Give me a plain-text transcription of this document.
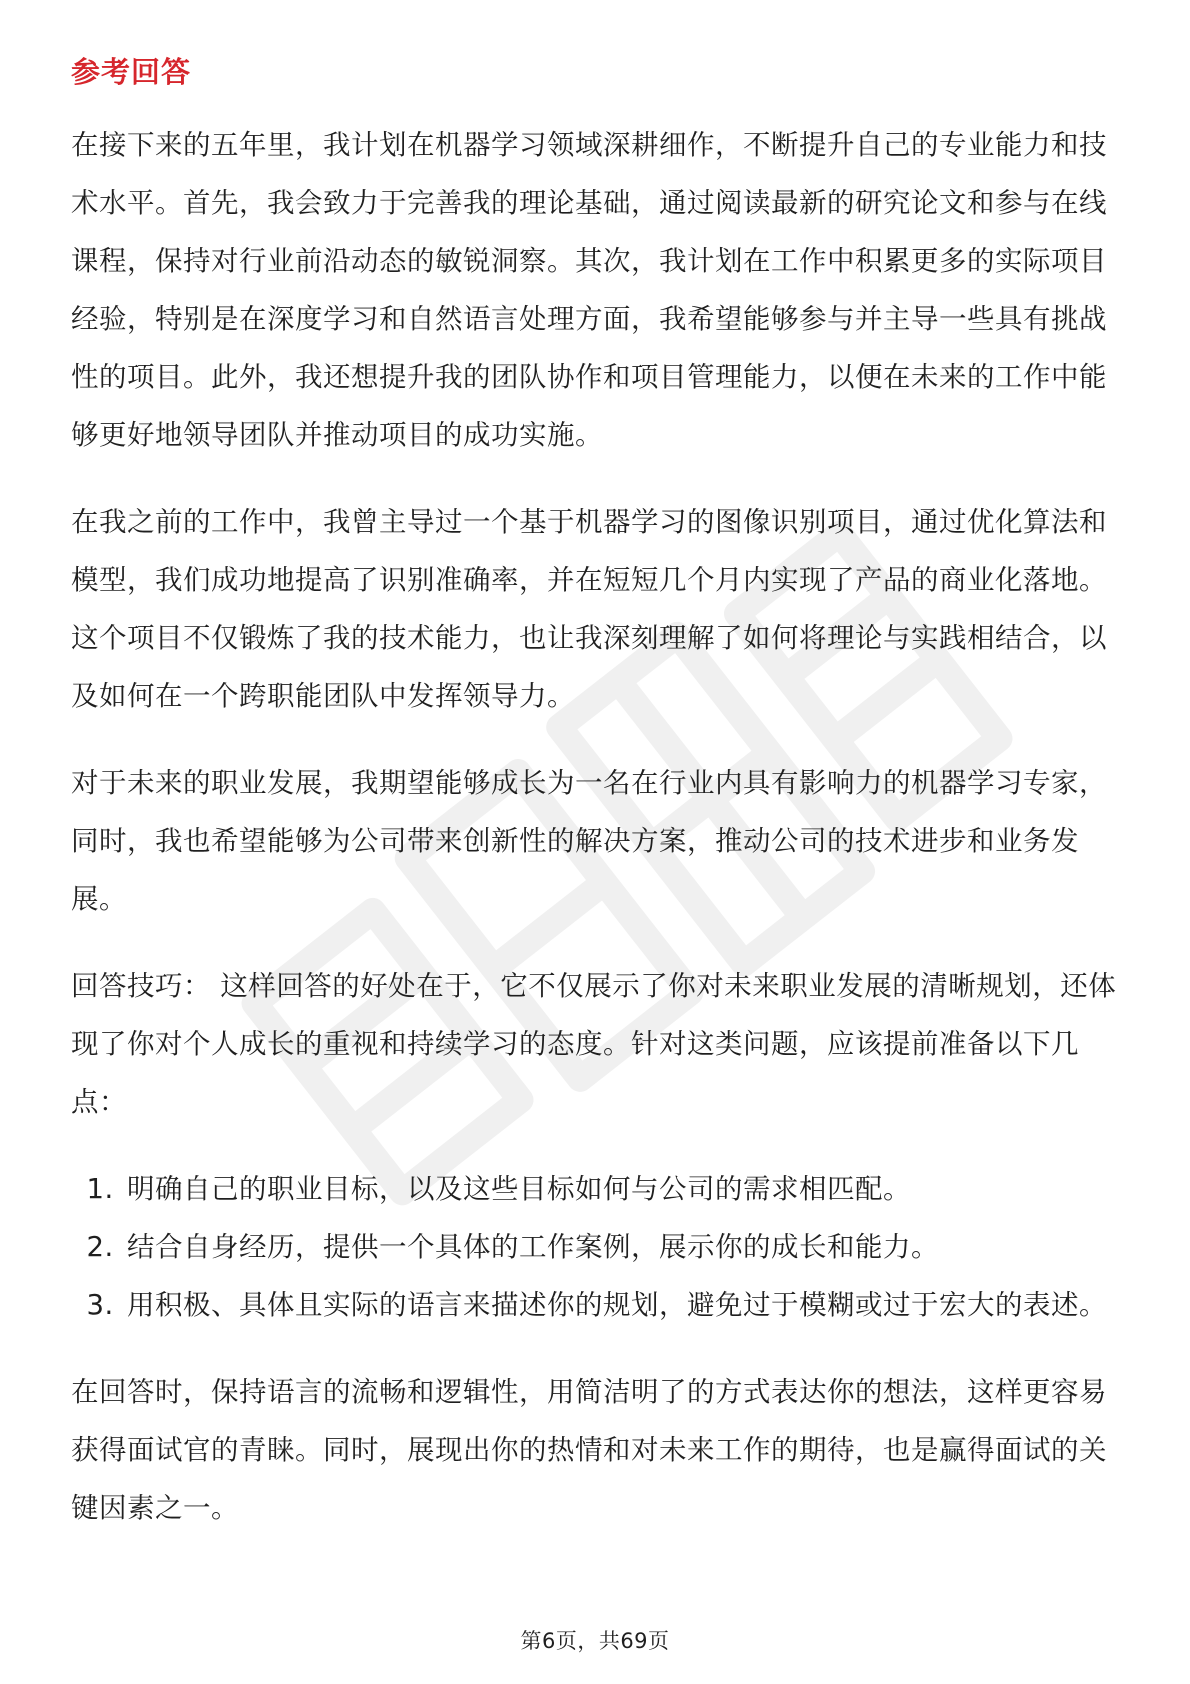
参考回答

在接下来的五年里，我计划在机器学习领域深耕细作，不断提升自己的专业能力和技术水平。首先，我会致力于完善我的理论基础，通过阅读最新的研究论文和参与在线课程，保持对行业前沿动态的敏锐洞察。其次，我计划在工作中积累更多的实际项目经验，特别是在深度学习和自然语言处理方面，我希望能够参与并主导一些具有挑战性的项目。此外，我还想提升我的团队协作和项目管理能力，以便在未来的工作中能够更好地领导团队并推动项目的成功实施。

在我之前的工作中，我曾主导过一个基于机器学习的图像识别项目，通过优化算法和模型，我们成功地提高了识别准确率，并在短短几个月内实现了产品的商业化落地。这个项目不仅锻炼了我的技术能力，也让我深刻理解了如何将理论与实践相结合，以及如何在一个跨职能团队中发挥领导力。

对于未来的职业发展，我期望能够成长为一名在行业内具有影响力的机器学习专家，同时，我也希望能够为公司带来创新性的解决方案，推动公司的技术进步和业务发展。

回答技巧： 这样回答的好处在于，它不仅展示了你对未来职业发展的清晰规划，还体现了你对个人成长的重视和持续学习的态度。针对这类问题，应该提前准备以下几点：

1. 明确自己的职业目标，以及这些目标如何与公司的需求相匹配。
2. 结合自身经历，提供一个具体的工作案例，展示你的成长和能力。
3. 用积极、具体且实际的语言来描述你的规划，避免过于模糊或过于宏大的表述。

在回答时，保持语言的流畅和逻辑性，用简洁明了的方式表达你的想法，这样更容易获得面试官的青睐。同时，展现出你的热情和对未来工作的期待，也是赢得面试的关键因素之一。

第6页，共69页
